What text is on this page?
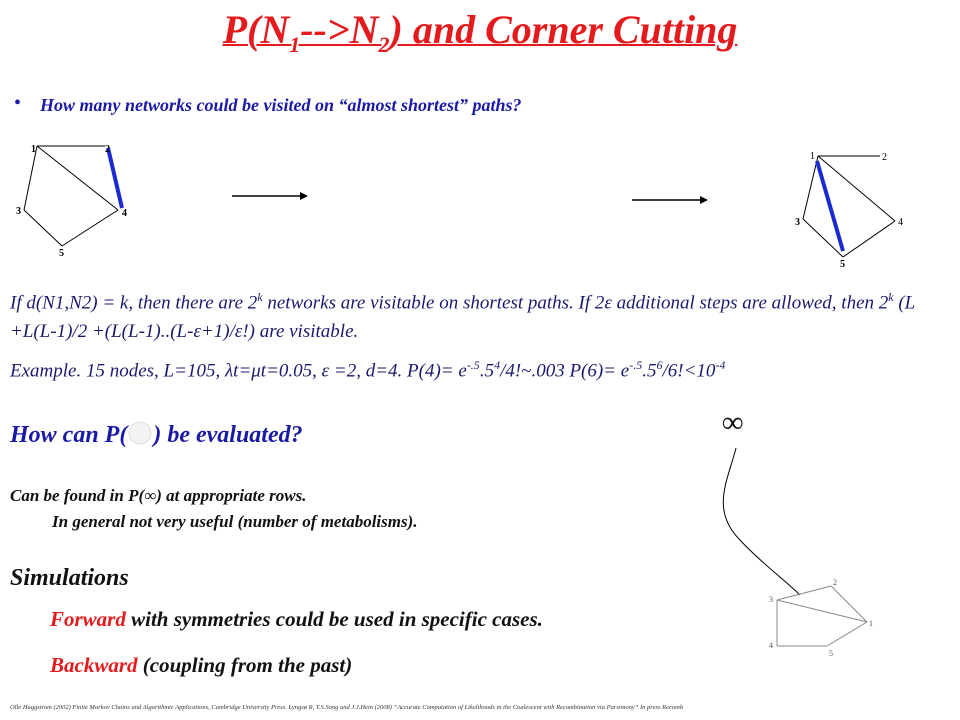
$P(N_1-->N_2)$ and Corner Cutting
• How many networks could be visited on “almost shortest” paths?
1	2
3	4
5
1	2
3	4
5
If d(N1,N2) = k, then there are 2$^k$ networks are visitable on shortest paths. If 2ε additional steps are allowed, then 2$^k$ (L +L(L-1)/2 +(L(L-1)..(L-ε+1)/ε!) are visitable.
Example. 15 nodes, L=105, λt=μt=0.05, ε =2, d=4. $P(4)= e^{-.5}.5^4/4!\sim.003$ $P(6)= e^{-.5}.5^6/6!<10^{-4}$
How can P( ) be evaluated?	∞
Can be found in P(∞) at appropriate rows.
In general not very useful (number of metabolisms).
Simulations
Forward with symmetries could be used in specific cases.
Backward (coupling from the past)
3
2
1
4
5
Olle Haggstrom (2002) Finite Markov Chains and Algorithmic Applications, Cambridge University Press. Lyngsø R, Y.S.Song and J.J.Hein (2008) “Accurate Computation of Likelihoods in the Coalescent with Recombination via Parsimony” In press Recomb
